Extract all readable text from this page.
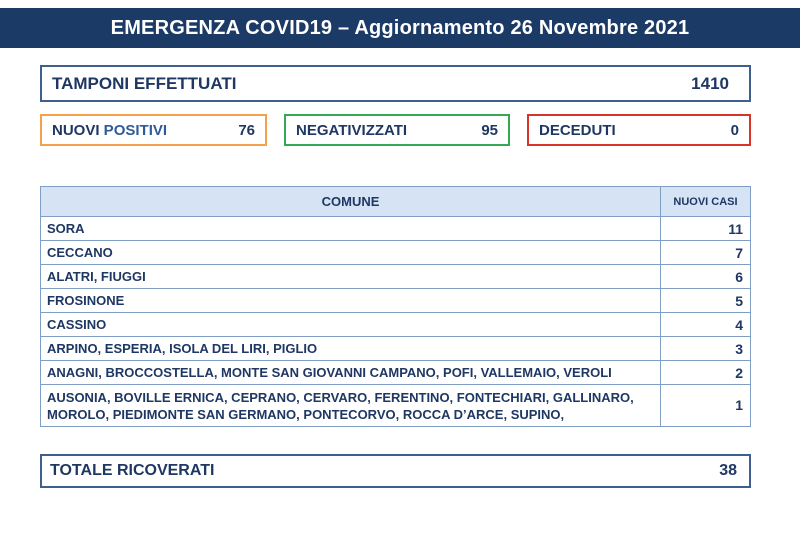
EMERGENZA COVID19 – Aggiornamento 26 Novembre 2021
TAMPONI EFFETTUATI	1410
NUOVI POSITIVI	76	NEGATIVIZZATI	95	DECEDUTI	0
COMUNE	NUOVI CASI
SORA	11
CECCANO	7
ALATRI, FIUGGI	6
FROSINONE	5
CASSINO	4
ARPINO, ESPERIA, ISOLA DEL LIRI, PIGLIO	3
ANAGNI, BROCCOSTELLA, MONTE SAN GIOVANNI CAMPANO, POFI, VALLEMAIO, VEROLI	2

AUSONIA, BOVILLE ERNICA, CEPRANO, CERVARO, FERENTINO, FONTECHIARI, GALLINARO,
MOROLO, PIEDIMONTE SAN GERMANO, PONTECORVO, ROCCA D’ARCE, SUPINO,	1
TOTALE RICOVERATI	38
